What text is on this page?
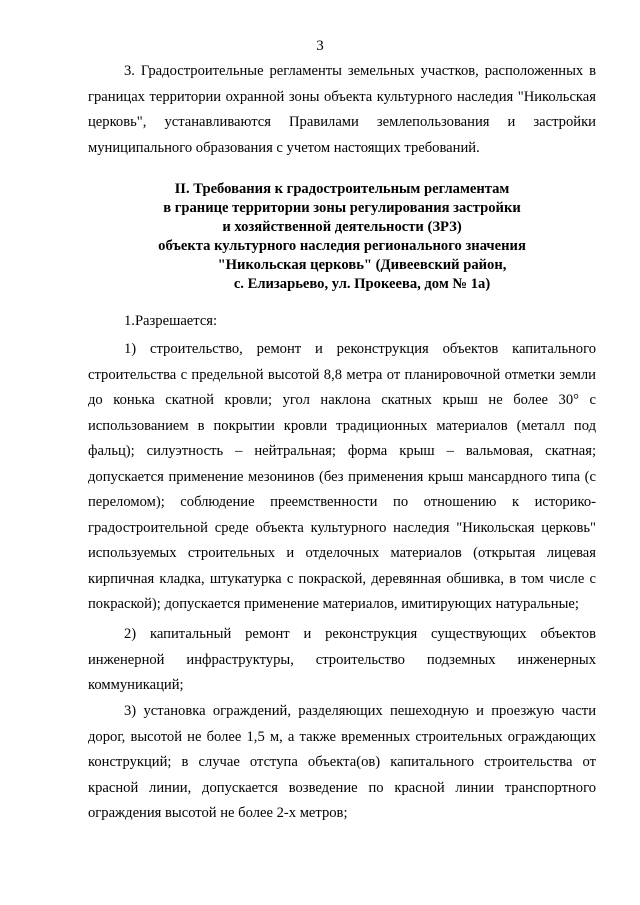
3

3. Градостроительные регламенты земельных участков, расположенных в границах территории охранной зоны объекта культурного наследия "Никольская церковь", устанавливаются Правилами землепользования и застройки муниципального образования с учетом настоящих требований.

II. Требования к градостроительным регламентам
в границе территории зоны регулирования застройки
и хозяйственной деятельности (ЗРЗ)
объекта культурного наследия регионального значения
"Никольская церковь" (Дивеевский район,
с. Елизарьево, ул. Прокеева, дом № 1а)
1.Разрешается:

1) строительство, ремонт и реконструкция объектов капитального строительства с предельной высотой 8,8 метра от планировочной отметки земли до конька скатной кровли; угол наклона скатных крыш не более 30° с использованием в покрытии кровли традиционных материалов (металл под фальц); силуэтность – нейтральная; форма крыш – вальмовая, скатная; допускается применение мезонинов (без применения крыш мансардного типа (с переломом); соблюдение преемственности по отношению к историко-градостроительной среде объекта культурного наследия "Никольская церковь" используемых строительных и отделочных материалов (открытая лицевая кирпичная кладка, штукатурка с покраской, деревянная обшивка, в том числе с покраской); допускается применение материалов, имитирующих натуральные;

2) капитальный ремонт и реконструкция существующих объектов инженерной инфраструктуры, строительство подземных инженерных коммуникаций;

3) установка ограждений, разделяющих пешеходную и проезжую части дорог, высотой не более 1,5 м, а также временных строительных ограждающих конструкций; в случае отступа объекта(ов) капитального строительства от красной линии, допускается возведение по красной линии транспортного ограждения высотой не более 2-х метров;
